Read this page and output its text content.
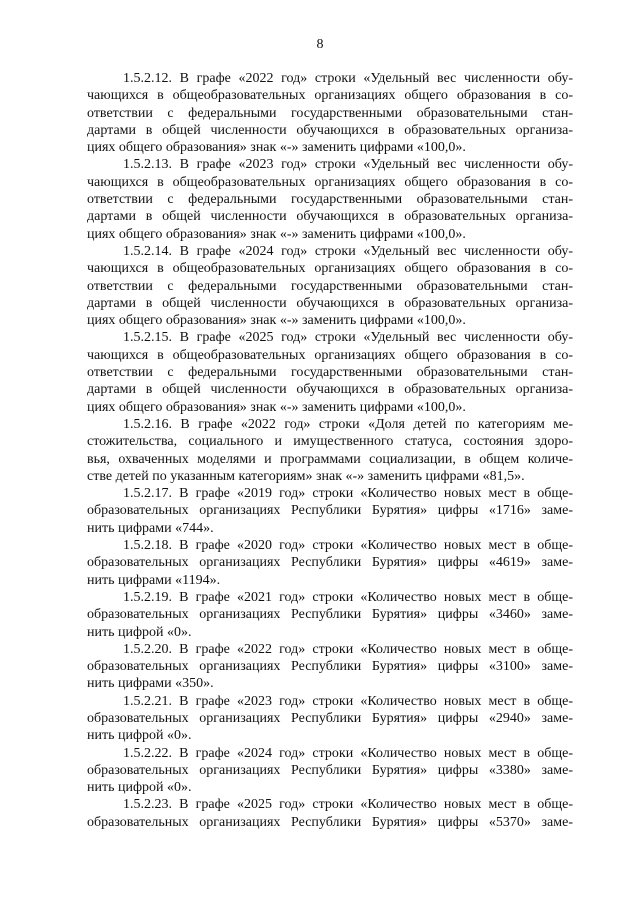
8
1.5.2.12. В графе «2022 год» строки «Удельный вес численности обу-
чающихся в общеобразовательных организациях общего образования в со-
ответствии с федеральными государственными образовательными стан-
дартами в общей численности обучающихся в образовательных организа-
циях общего образования» знак «-» заменить цифрами «100,0».
1.5.2.13. В графе «2023 год» строки «Удельный вес численности обу-
чающихся в общеобразовательных организациях общего образования в со-
ответствии с федеральными государственными образовательными стан-
дартами в общей численности обучающихся в образовательных организа-
циях общего образования» знак «-» заменить цифрами «100,0».
1.5.2.14. В графе «2024 год» строки «Удельный вес численности обу-
чающихся в общеобразовательных организациях общего образования в со-
ответствии с федеральными государственными образовательными стан-
дартами в общей численности обучающихся в образовательных организа-
циях общего образования» знак «-» заменить цифрами «100,0».
1.5.2.15. В графе «2025 год» строки «Удельный вес численности обу-
чающихся в общеобразовательных организациях общего образования в со-
ответствии с федеральными государственными образовательными стан-
дартами в общей численности обучающихся в образовательных организа-
циях общего образования» знак «-» заменить цифрами «100,0».
1.5.2.16. В графе «2022 год» строки «Доля детей по категориям ме-
стожительства, социального и имущественного статуса, состояния здоро-
вья, охваченных моделями и программами социализации, в общем количе-
стве детей по указанным категориям» знак «-» заменить цифрами «81,5».
1.5.2.17. В графе «2019 год» строки «Количество новых мест в обще-
образовательных организациях Республики Бурятия» цифры «1716» заме-
нить цифрами «744».
1.5.2.18. В графе «2020 год» строки «Количество новых мест в обще-
образовательных организациях Республики Бурятия» цифры «4619» заме-
нить цифрами «1194».
1.5.2.19. В графе «2021 год» строки «Количество новых мест в обще-
образовательных организациях Республики Бурятия» цифры «3460» заме-
нить цифрой «0».
1.5.2.20. В графе «2022 год» строки «Количество новых мест в обще-
образовательных организациях Республики Бурятия» цифры «3100» заме-
нить цифрами «350».
1.5.2.21. В графе «2023 год» строки «Количество новых мест в обще-
образовательных организациях Республики Бурятия» цифры «2940» заме-
нить цифрой «0».
1.5.2.22. В графе «2024 год» строки «Количество новых мест в обще-
образовательных организациях Республики Бурятия» цифры «3380» заме-
нить цифрой «0».
1.5.2.23. В графе «2025 год» строки «Количество новых мест в обще-
образовательных организациях Республики Бурятия» цифры «5370» заме-
